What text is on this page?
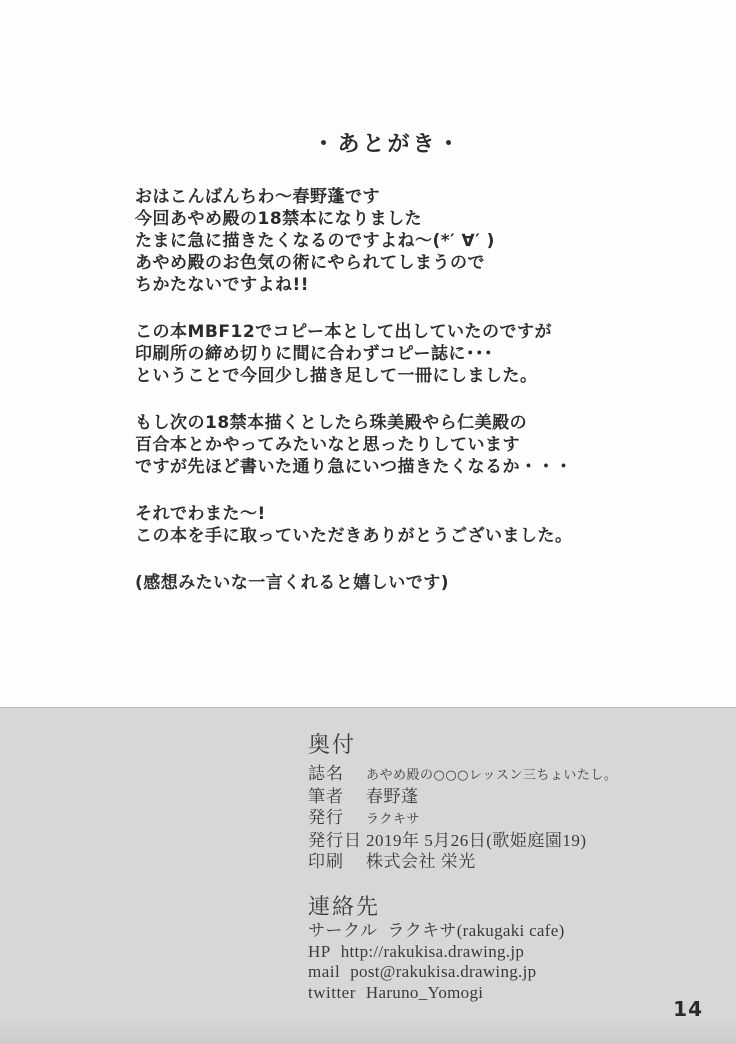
・あとがき・
おはこんばんちわ〜春野蓬です
今回あやめ殿の18禁本になりました
たまに急に描きたくなるのですよね〜(*′ ∀′ )
あやめ殿のお色気の術にやられてしまうので
ちかたないですよね!!
この本MBF12でコピー本として出していたのですが
印刷所の締め切りに間に合わずコピー誌に･･･
ということで今回少し描き足して一冊にしました。
もし次の18禁本描くとしたら珠美殿やら仁美殿の
百合本とかやってみたいなと思ったりしています
ですが先ほど書いた通り急にいつ描きたくなるか・・・
それでわまた〜!
この本を手に取っていただきありがとうございました。
(感想みたいな一言くれると嬉しいです)
奥付
誌名	あやめ殿の○○○レッスン三ちょいたし。
筆者	春野蓬
発行	ラクキサ
発行日 2019年 5月26日(歌姫庭園19)
印刷	株式会社 栄光
連絡先
サークル ラクキサ(rakugaki cafe)
HP http://rakukisa.drawing.jp
mail post@rakukisa.drawing.jp
twitter Haruno_Yomogi
14
